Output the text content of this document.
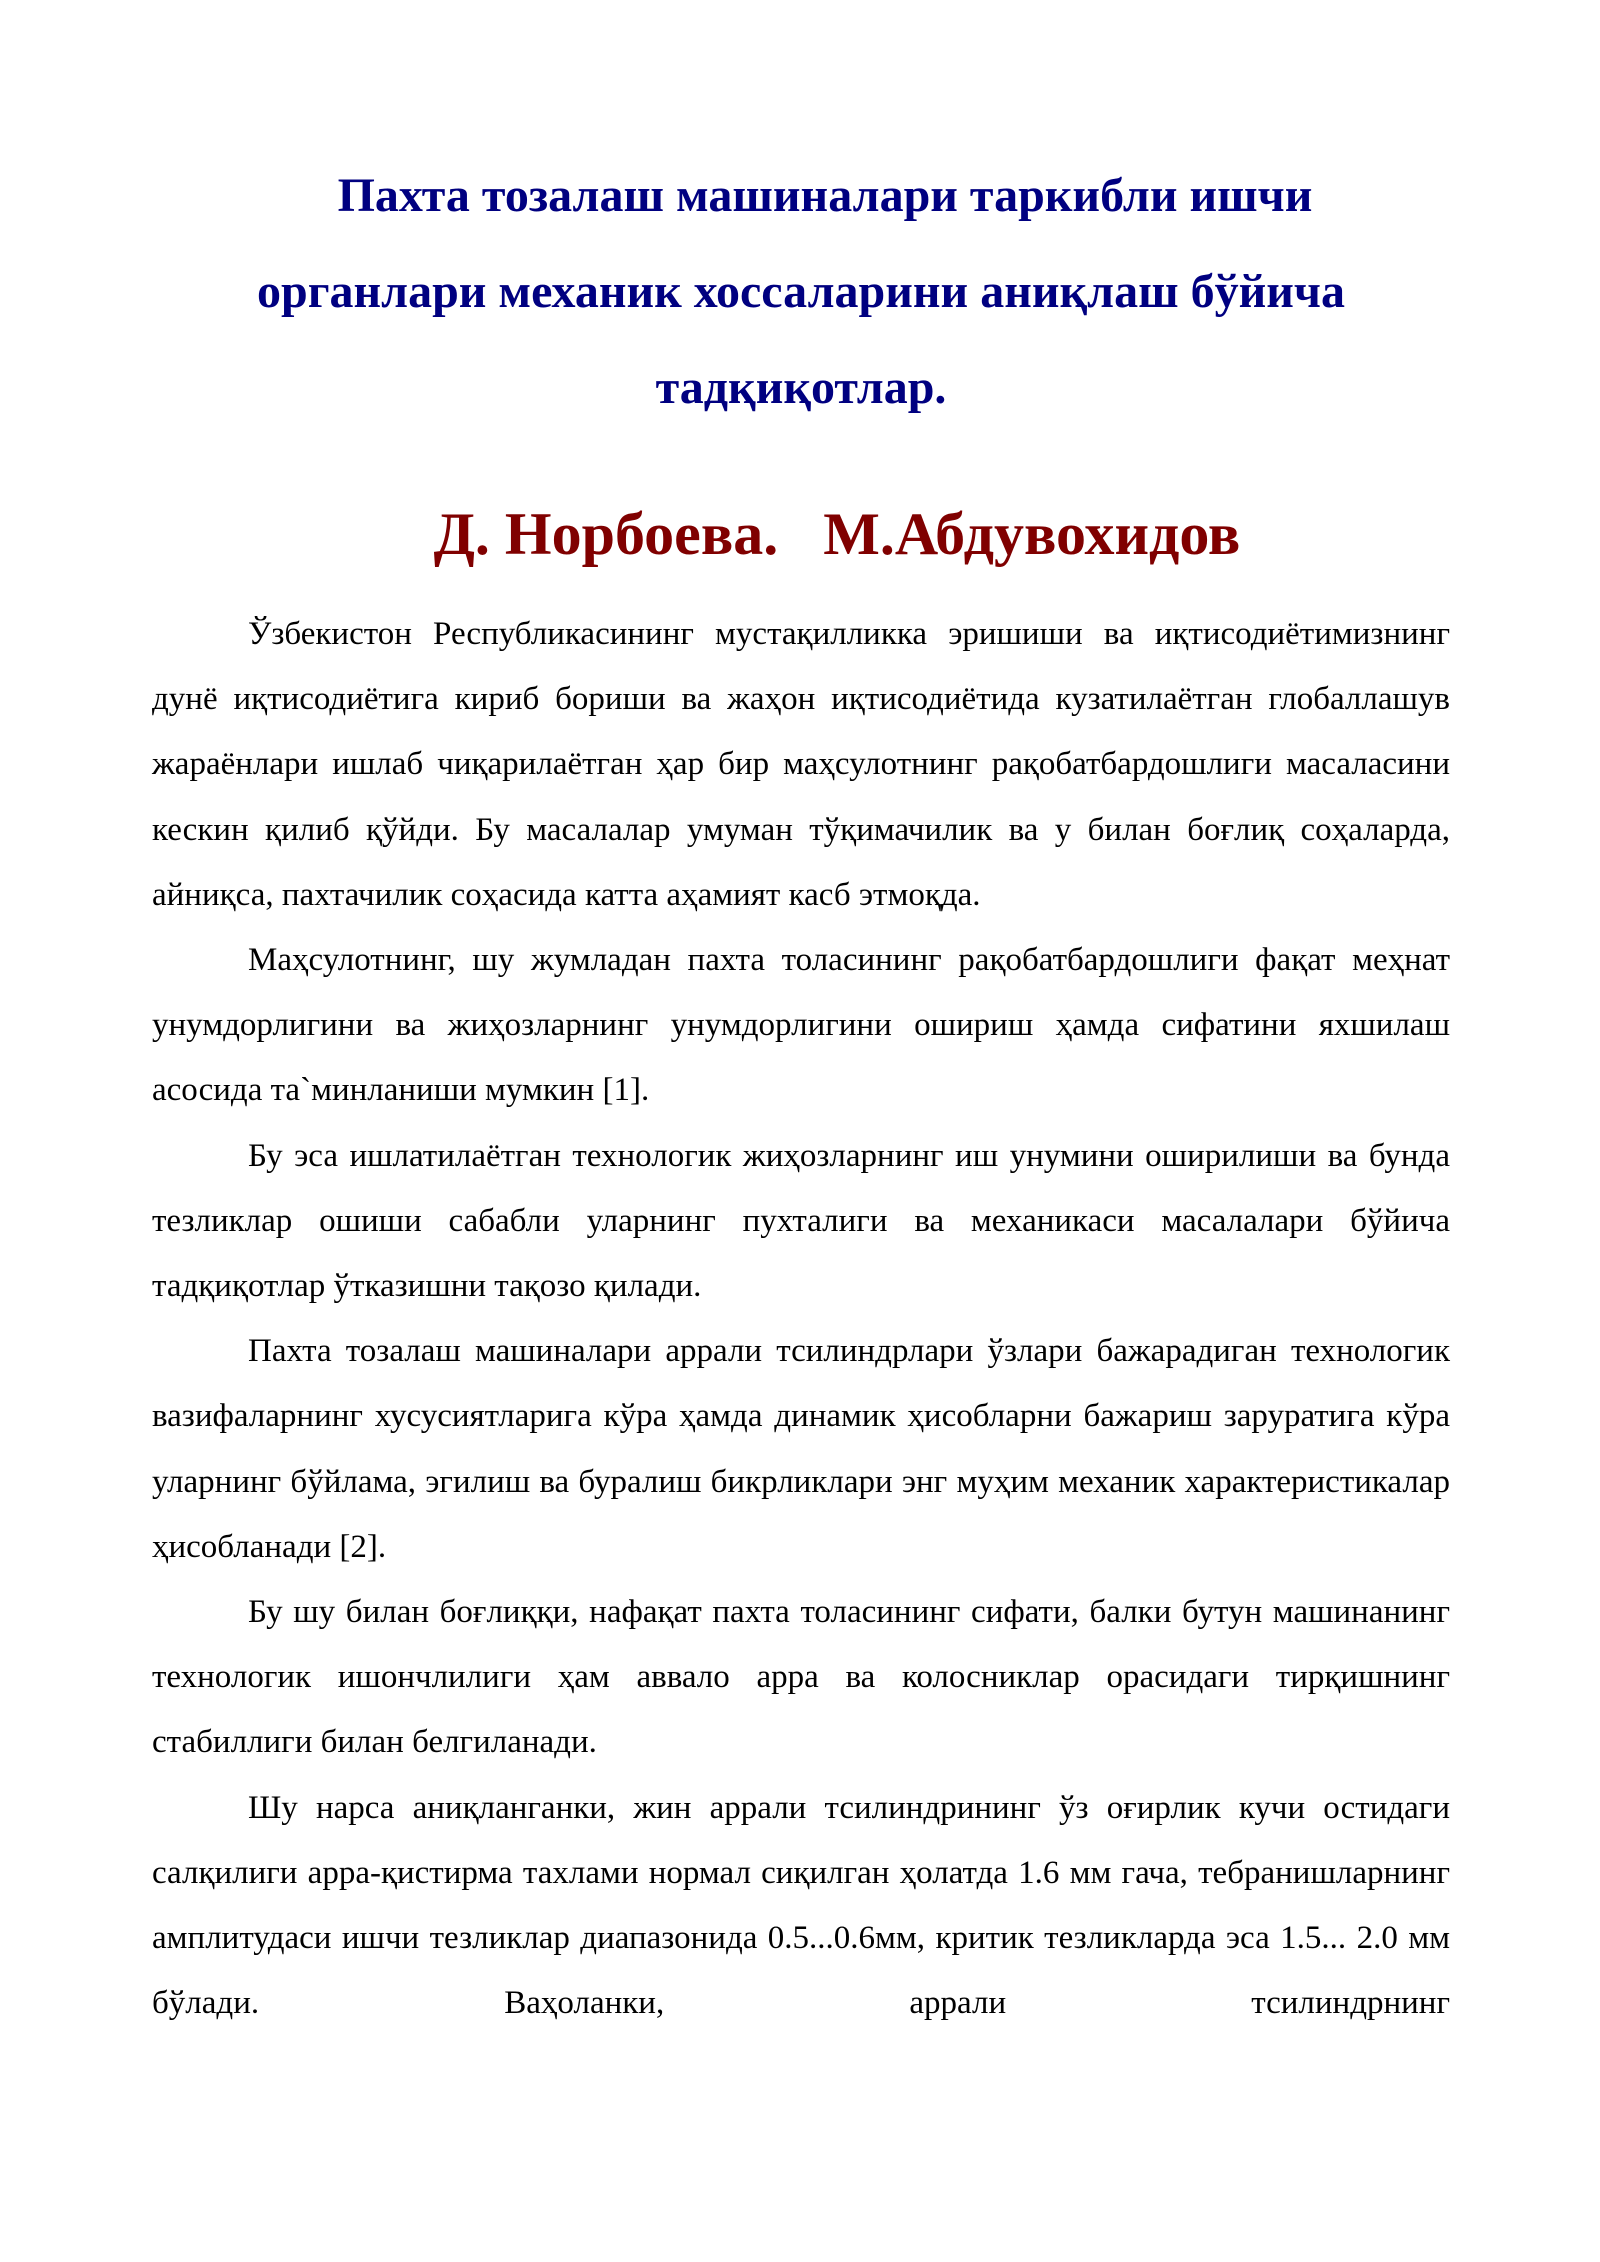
Пахта тозалаш машиналари таркибли ишчи
органлари механик хоссаларини аниқлаш бўйича
тадқиқотлар.
Д. Норбоева.   М.Абдувохидов

Ўзбекистон Республикасининг мустақилликка эришиши ва иқтисодиётимизнинг дунё иқтисодиётига кириб бориши ва жаҳон иқтисодиётида кузатилаётган глобаллашув жараёнлари ишлаб чиқарилаётган ҳар бир маҳсулотнинг рақобатбардошлиги масаласини кескин қилиб қўйди. Бу масалалар умуман тўқимачилик ва у билан боғлиқ соҳаларда, айниқса, пахтачилик соҳасида катта аҳамият касб этмоқда.

Маҳсулотнинг, шу жумладан пахта толасининг рақобатбардошлиги фақат меҳнат унумдорлигини ва жиҳозларнинг унумдорлигини ошириш ҳамда сифатини яхшилаш асосида та`минланиши мумкин [1].

Бу эса ишлатилаётган технологик жиҳозларнинг иш унумини оширилиши ва бунда тезликлар ошиши сабабли уларнинг пухталиги ва механикаси масалалари бўйича тадқиқотлар ўтказишни тақозо қилади.

Пахта тозалаш машиналари аррали тсилиндрлари ўзлари бажарадиган технологик вазифаларнинг хусусиятларига кўра ҳамда динамик ҳисобларни бажариш заруратига кўра уларнинг бўйлама, эгилиш ва буралиш бикрликлари энг муҳим механик характеристикалар ҳисобланади [2].

Бу шу билан боғлиққи, нафақат пахта толасининг сифати, балки бутун машинанинг технологик ишончлилиги ҳам аввало арра ва колосниклар орасидаги тирқишнинг стабиллиги билан белгиланади.

Шу нарса аниқланганки, жин аррали тсилиндрининг ўз оғирлик кучи остидаги салқилиги арра-қистирма тахлами нормал сиқилган ҳолатда 1.6 мм гача, тебранишларнинг амплитудаси ишчи тезликлар диапазонида 0.5...0.6мм, критик тезликларда эса 1.5... 2.0 мм бўлади. Ваҳоланки, аррали тсилиндрнинг
